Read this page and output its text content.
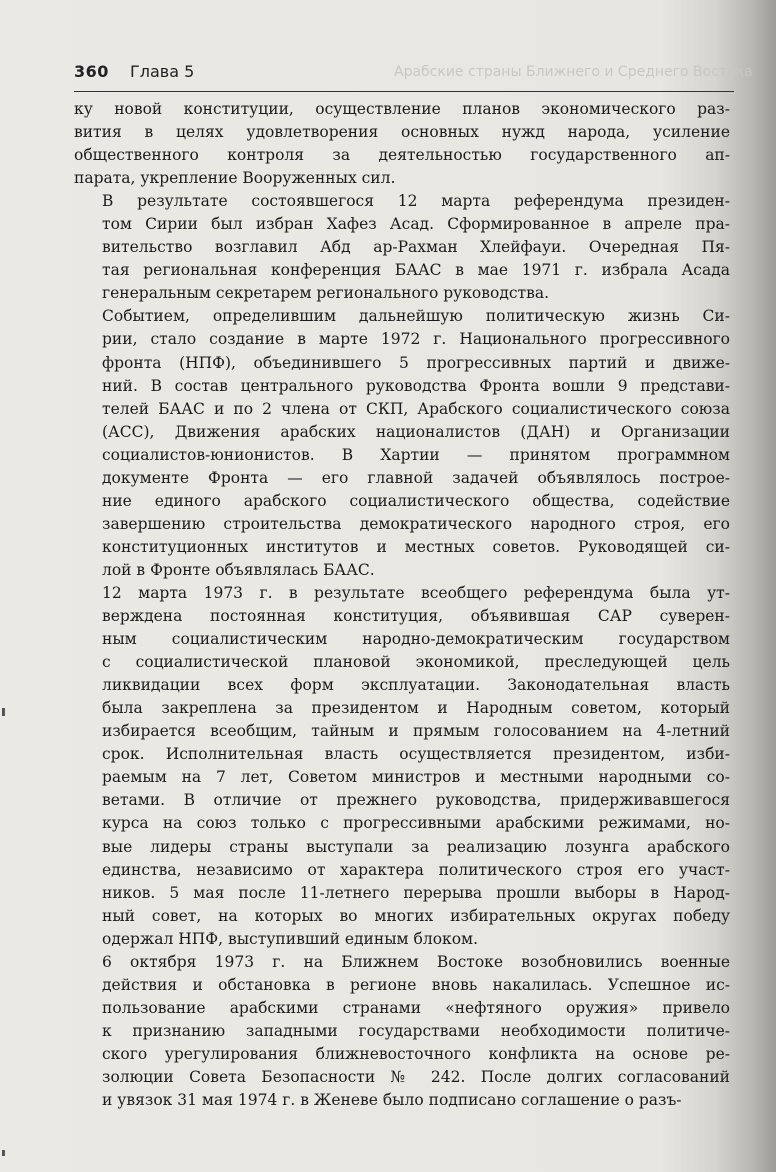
Арабские страны Ближнего и Среднего Востока
360 Глава 5
ку новой конституции, осуществление планов экономического раз-
вития в целях удовлетворения основных нужд народа, усиление
общественного контроля за деятельностью государственного ап-
парата, укрепление Вооруженных сил.
В результате состоявшегося 12 марта референдума президен-
том Сирии был избран Хафез Асад. Сформированное в апреле пра-
вительство возглавил Абд ар-Рахман Хлейфауи. Очередная Пя-
тая региональная конференция БААС в мае 1971 г. избрала Асада
генеральным секретарем регионального руководства.
Событием, определившим дальнейшую политическую жизнь Си-
рии, стало создание в марте 1972 г. Национального прогрессивного
фронта (НПФ), объединившего 5 прогрессивных партий и движе-
ний. В состав центрального руководства Фронта вошли 9 представи-
телей БААС и по 2 члена от СКП, Арабского социалистического союза
(АСС), Движения арабских националистов (ДАН) и Организации
социалистов-юнионистов. В Хартии — принятом программном
документе Фронта — его главной задачей объявлялось построе-
ние единого арабского социалистического общества, содействие
завершению строительства демократического народного строя, его
конституционных институтов и местных советов. Руководящей си-
лой в Фронте объявлялась БААС.
12 марта 1973 г. в результате всеобщего референдума была ут-
верждена постоянная конституция, объявившая САР суверен-
ным социалистическим народно-демократическим государством
с социалистической плановой экономикой, преследующей цель
ликвидации всех форм эксплуатации. Законодательная власть
была закреплена за президентом и Народным советом, который
избирается всеобщим, тайным и прямым голосованием на 4-летний
срок. Исполнительная власть осуществляется президентом, изби-
раемым на 7 лет, Советом министров и местными народными со-
ветами. В отличие от прежнего руководства, придерживавшегося
курса на союз только с прогрессивными арабскими режимами, но-
вые лидеры страны выступали за реализацию лозунга арабского
единства, независимо от характера политического строя его участ-
ников. 5 мая после 11-летнего перерыва прошли выборы в Народ-
ный совет, на которых во многих избирательных округах победу
одержал НПФ, выступивший единым блоком.
6 октября 1973 г. на Ближнем Востоке возобновились военные
действия и обстановка в регионе вновь накалилась. Успешное ис-
пользование арабскими странами «нефтяного оружия» привело
к признанию западными государствами необходимости политиче-
ского урегулирования ближневосточного конфликта на основе ре-
золюции Совета Безопасности № 242. После долгих согласований
и увязок 31 мая 1974 г. в Женеве было подписано соглашение о разъ-
